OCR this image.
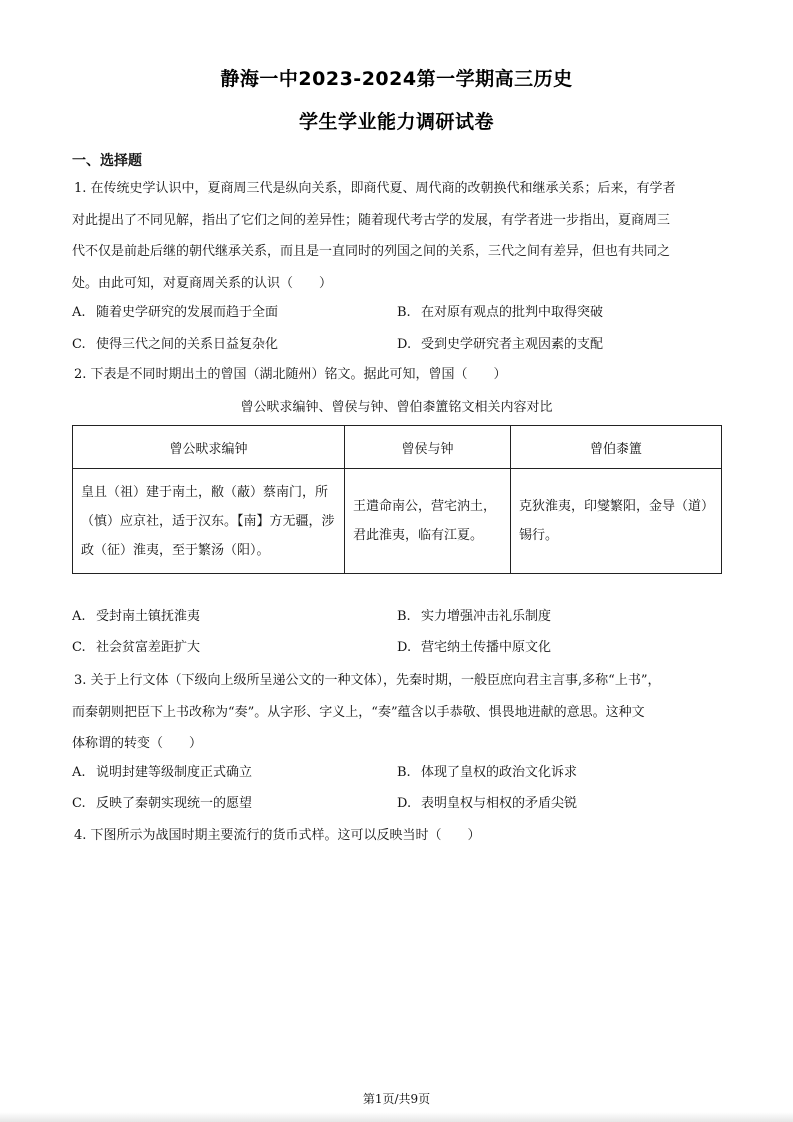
静海一中2023-2024第一学期高三历史
学生学业能力调研试卷
一、选择题
1. 在传统史学认识中，夏商周三代是纵向关系，即商代夏、周代商的改朝换代和继承关系；后来，有学者
对此提出了不同见解，指出了它们之间的差异性；随着现代考古学的发展，有学者进一步指出，夏商周三
代不仅是前赴后继的朝代继承关系，而且是一直同时的列国之间的关系，三代之间有差异，但也有共同之
处。由此可知，对夏商周关系的认识（　　）
A. 随着史学研究的发展而趋于全面	B. 在对原有观点的批判中取得突破
C. 使得三代之间的关系日益复杂化	D. 受到史学研究者主观因素的支配
2. 下表是不同时期出土的曾国（湖北随州）铭文。据此可知，曾国（　　）
曾公畎求编钟、曾侯与钟、曾伯桼簠铭文相关内容对比
曾公畎求编钟	曾侯与钟	曾伯桼簠
皇且（祖）建于南土，敝（蔽）蔡南门，所（慎）应京社，适于汉东。【南】方无疆，涉政（征）淮夷，至于繁汤（阳）。	王遣命南公，营宅汭土，君此淮夷，临有江夏。	克狄淮夷，印燮繁阳，金导（道）锡行。
A. 受封南土镇抚淮夷	B. 实力增强冲击礼乐制度
C. 社会贫富差距扩大	D. 营宅纳土传播中原文化
3. 关于上行文体（下级向上级所呈递公文的一种文体），先秦时期，一般臣庶向君主言事,多称“上书”，
而秦朝则把臣下上书改称为“奏”。从字形、字义上，“奏”蕴含以手恭敬、惧畏地进献的意思。这种文
体称谓的转变（　　）
A. 说明封建等级制度正式确立	B. 体现了皇权的政治文化诉求
C. 反映了秦朝实现统一的愿望	D. 表明皇权与相权的矛盾尖锐
4. 下图所示为战国时期主要流行的货币式样。这可以反映当时（　　）
第1页/共9页
